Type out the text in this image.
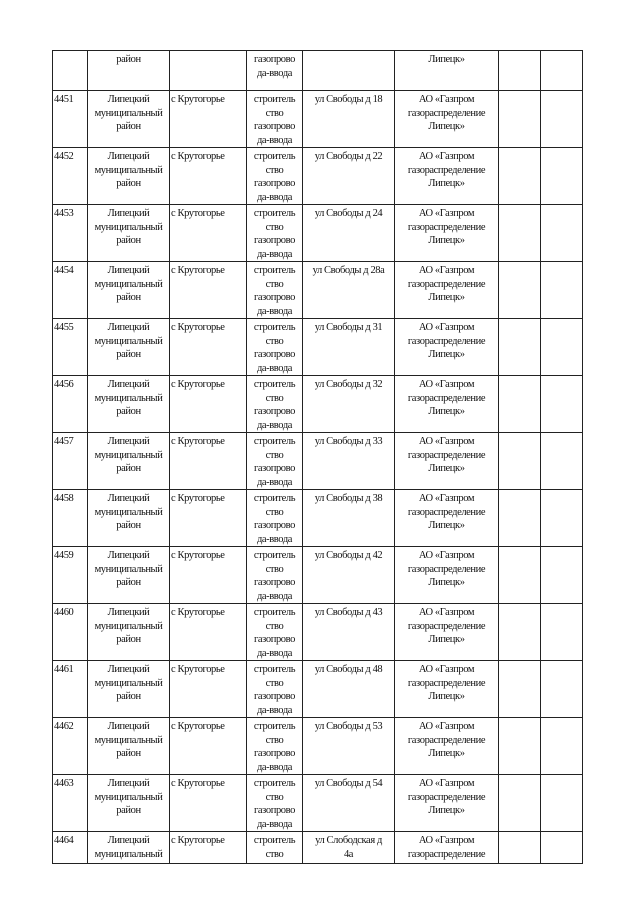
	район		газопрово
да-ввода		Липецк»		

4451	Липецкий
муниципальный
район	с Крутогорье	строитель
ство
газопрово
да-ввода	ул Свободы д 18	АО «Газпром
газораспределение
Липецк»		

4452	Липецкий
муниципальный
район	с Крутогорье	строитель
ство
газопрово
да-ввода	ул Свободы д 22	АО «Газпром
газораспределение
Липецк»		

4453	Липецкий
муниципальный
район	с Крутогорье	строитель
ство
газопрово
да-ввода	ул Свободы д 24	АО «Газпром
газораспределение
Липецк»		

4454	Липецкий
муниципальный
район	с Крутогорье	строитель
ство
газопрово
да-ввода	ул Свободы д 28а	АО «Газпром
газораспределение
Липецк»		

4455	Липецкий
муниципальный
район	с Крутогорье	строитель
ство
газопрово
да-ввода	ул Свободы д 31	АО «Газпром
газораспределение
Липецк»		

4456	Липецкий
муниципальный
район	с Крутогорье	строитель
ство
газопрово
да-ввода	ул Свободы д 32	АО «Газпром
газораспределение
Липецк»		

4457	Липецкий
муниципальный
район	с Крутогорье	строитель
ство
газопрово
да-ввода	ул Свободы д 33	АО «Газпром
газораспределение
Липецк»		

4458	Липецкий
муниципальный
район	с Крутогорье	строитель
ство
газопрово
да-ввода	ул Свободы д 38	АО «Газпром
газораспределение
Липецк»		

4459	Липецкий
муниципальный
район	с Крутогорье	строитель
ство
газопрово
да-ввода	ул Свободы д 42	АО «Газпром
газораспределение
Липецк»		

4460	Липецкий
муниципальный
район	с Крутогорье	строитель
ство
газопрово
да-ввода	ул Свободы д 43	АО «Газпром
газораспределение
Липецк»		

4461	Липецкий
муниципальный
район	с Крутогорье	строитель
ство
газопрово
да-ввода	ул Свободы д 48	АО «Газпром
газораспределение
Липецк»		

4462	Липецкий
муниципальный
район	с Крутогорье	строитель
ство
газопрово
да-ввода	ул Свободы д 53	АО «Газпром
газораспределение
Липецк»		

4463	Липецкий
муниципальный
район	с Крутогорье	строитель
ство
газопрово
да-ввода	ул Свободы д 54	АО «Газпром
газораспределение
Липецк»		

4464	Липецкий
муниципальный	с Крутогорье	строитель
ство	ул Слободская д
4а	АО «Газпром
газораспределение		
